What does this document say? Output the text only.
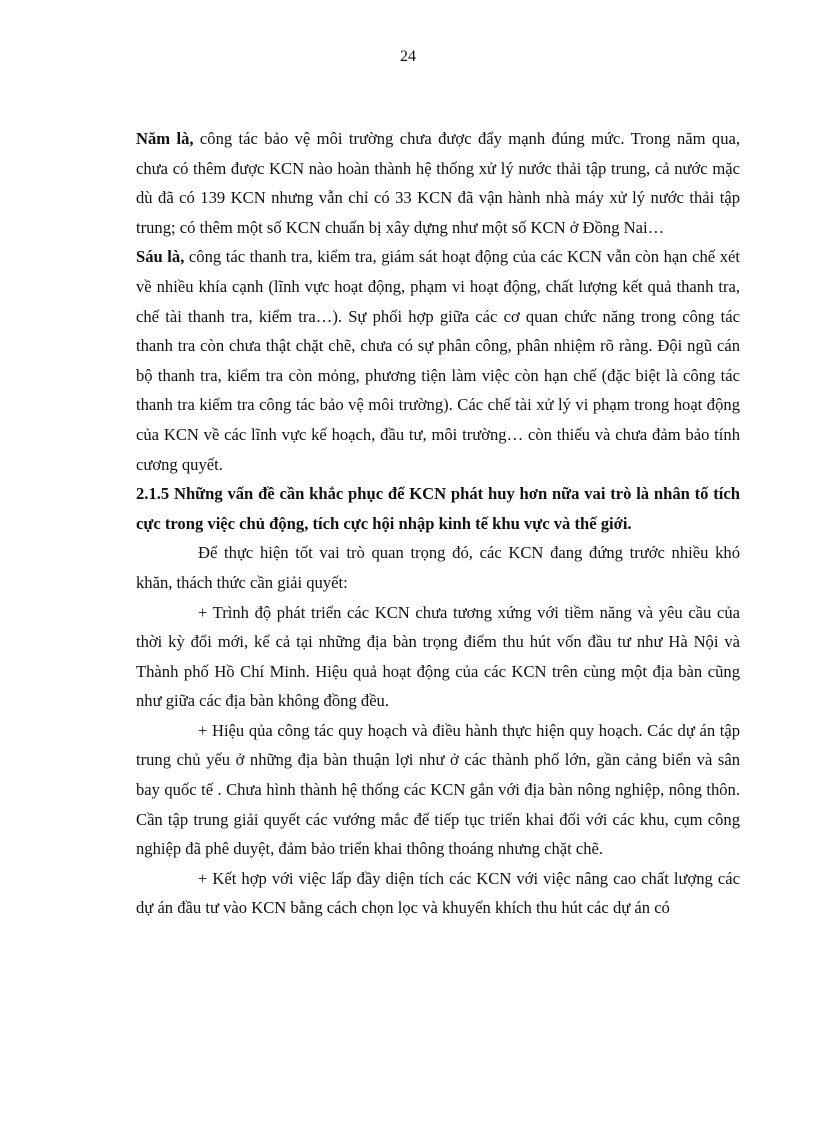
24

Năm là, công tác bảo vệ môi trường chưa được đẩy mạnh đúng mức. Trong năm qua, chưa có thêm được KCN nào hoàn thành hệ thống xử lý nước thải tập trung, cả nước mặc dù đã có 139 KCN nhưng vẫn chỉ có 33 KCN đã vận hành nhà máy xử lý nước thải tập trung; có thêm một số KCN chuẩn bị xây dựng như một số KCN ở Đồng Nai…

Sáu là, công tác thanh tra, kiểm tra, giám sát hoạt động của các KCN vẫn còn hạn chế xét về nhiều khía cạnh (lĩnh vực hoạt động, phạm vi hoạt động, chất lượng kết quả thanh tra, chế tài thanh tra, kiểm tra…). Sự phối hợp giữa các cơ quan chức năng trong công tác thanh tra còn chưa thật chặt chẽ, chưa có sự phân công, phân nhiệm rõ ràng. Đội ngũ cán bộ thanh tra, kiểm tra còn mỏng, phương tiện làm việc còn hạn chế (đặc biệt là công tác thanh tra kiểm tra công tác bảo vệ môi trường). Các chế tài xử lý vi phạm trong hoạt động của KCN về các lĩnh vực kế hoạch, đầu tư, môi trường… còn thiếu và chưa đảm bảo tính cương quyết.

2.1.5 Những vấn đề cần khắc phục để KCN phát huy hơn nữa vai trò là nhân tố tích cực trong việc chủ động, tích cực hội nhập kinh tế khu vực và thế giới.

Để thực hiện tốt vai trò quan trọng đó, các KCN đang đứng trước nhiều khó khăn, thách thức cần giải quyết:

+ Trình độ phát triển các KCN chưa tương xứng với tiềm năng và yêu cầu của thời kỳ đổi mới, kể cả tại những địa bàn trọng điểm thu hút vốn đầu tư như Hà Nội và Thành phố Hồ Chí Minh. Hiệu quả hoạt động của các KCN trên cùng một địa bàn cũng như giữa các địa bàn không đồng đều.

+ Hiệu qủa công tác quy hoạch và điều hành thực hiện quy hoạch. Các dự án tập trung chủ yếu ở những địa bàn thuận lợi như ở các thành phố lớn, gần cảng biển và sân bay quốc tế . Chưa hình thành hệ thống các KCN gắn với địa bàn nông nghiệp, nông thôn. Cần tập trung giải quyết các vướng mắc để tiếp tục triển khai đối với các khu, cụm công nghiệp đã phê duyệt, đảm bảo triển khai thông thoáng nhưng chặt chẽ.

+ Kết hợp với việc lấp đầy diện tích các KCN với việc nâng cao chất lượng các dự án đầu tư vào KCN bằng cách chọn lọc và khuyến khích thu hút các dự án có
